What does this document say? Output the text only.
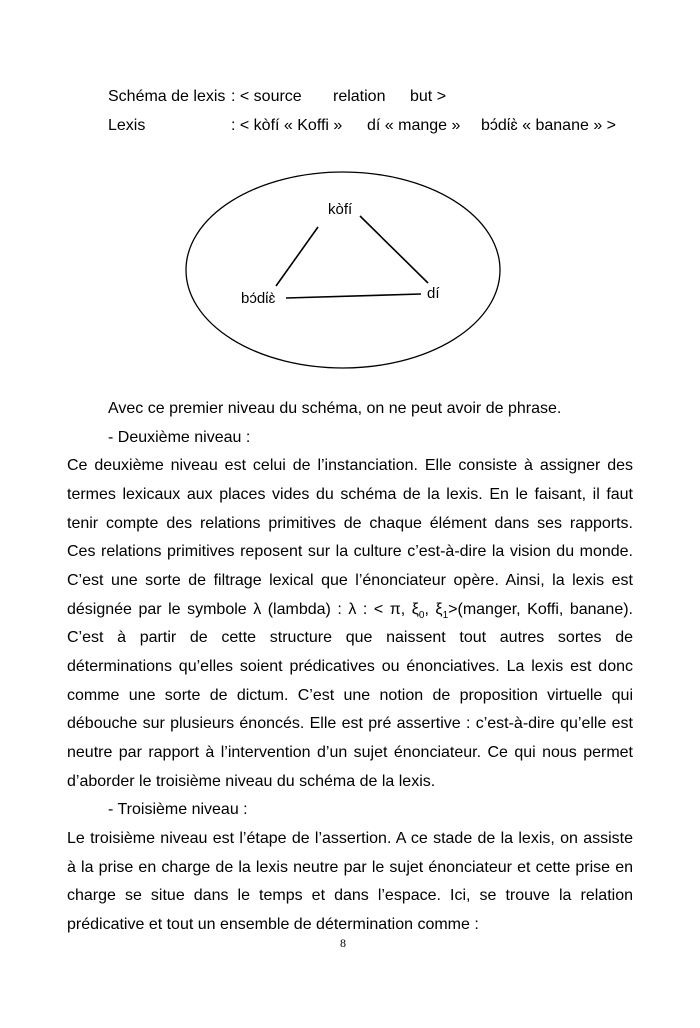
Schéma de lexis : < source relation but >
Lexis	: < kòfí « Koffi » dí « mange » bɔ́dίɛ̀ « banane » >
kòfí
bɔ́dίɛ̀	dí
Avec ce premier niveau du schéma, on ne peut avoir de phrase.
- Deuxième niveau :
Ce deuxième niveau est celui de l’instanciation. Elle consiste à assigner des
termes lexicaux aux places vides du schéma de la lexis. En le faisant, il faut
tenir compte des relations primitives de chaque élément dans ses rapports.
Ces relations primitives reposent sur la culture c’est-à-dire la vision du monde.
C’est une sorte de filtrage lexical que l’énonciateur opère. Ainsi, la lexis est
désignée par le symbole λ (lambda) : λ : < π, $\xi_0$, $\xi_1>(manger$, Koffi, banane).
C’est à partir de cette structure que naissent tout autres sortes de
déterminations qu’elles soient prédicatives ou énonciatives. La lexis est donc
comme une sorte de dictum. C’est une notion de proposition virtuelle qui
débouche sur plusieurs énoncés. Elle est pré assertive : c’est-à-dire qu’elle est
neutre par rapport à l’intervention d’un sujet énonciateur. Ce qui nous permet
d’aborder le troisième niveau du schéma de la lexis.
- Troisième niveau :
Le troisième niveau est l’étape de l’assertion. A ce stade de la lexis, on assiste
à la prise en charge de la lexis neutre par le sujet énonciateur et cette prise en
charge se situe dans le temps et dans l’espace. Ici, se trouve la relation
prédicative et tout un ensemble de détermination comme :
8
